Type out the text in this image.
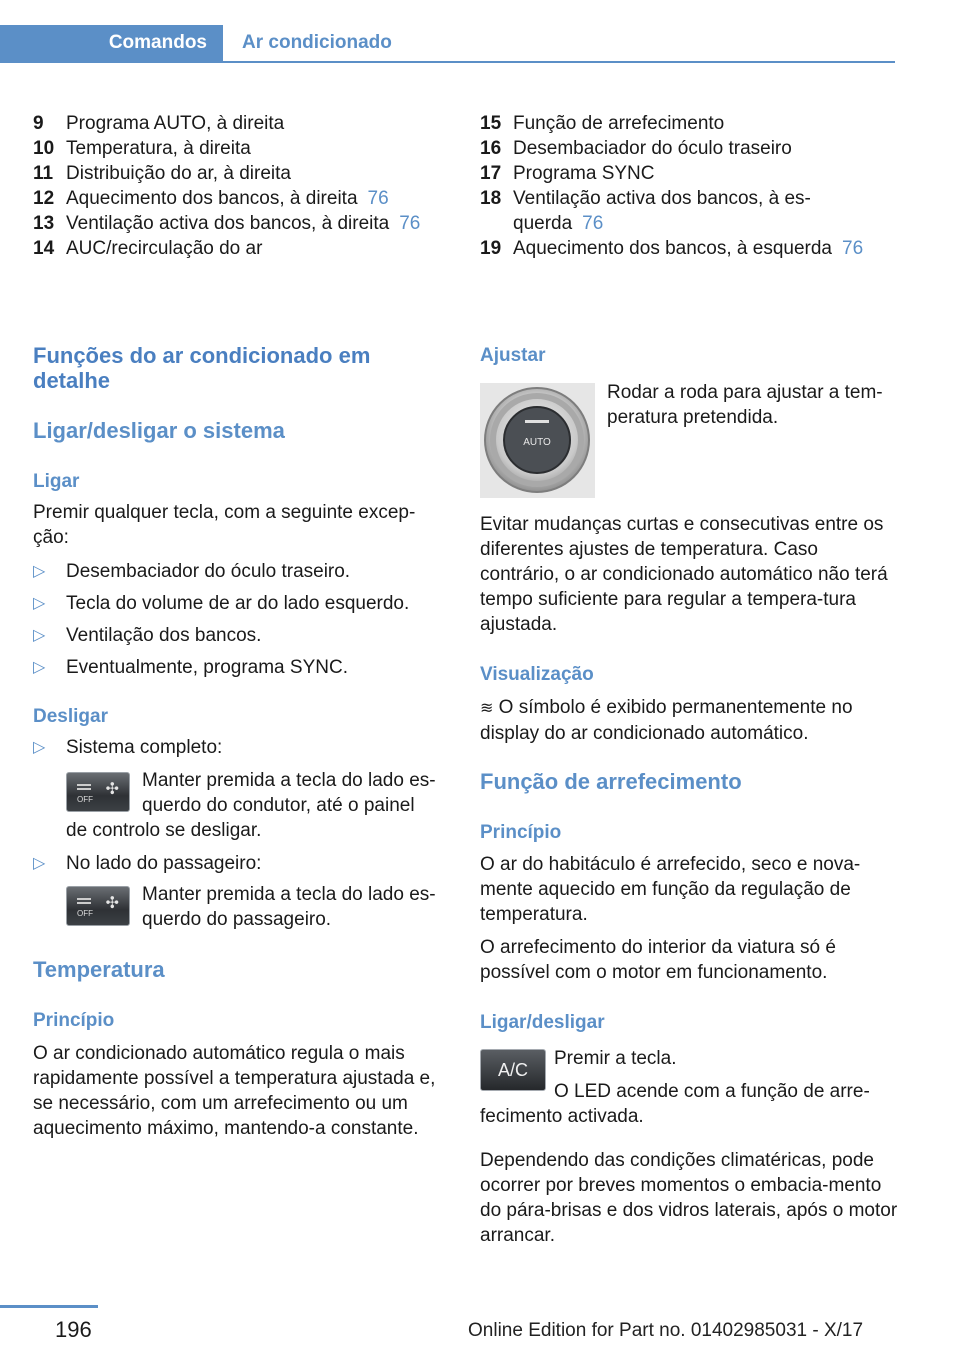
Comandos	Ar condicionado
9	Programa AUTO, à direita
10 Temperatura, à direita
11 Distribuição do ar, à direita
12 Aquecimento dos bancos, à direita 76
13 Ventilação activa dos bancos, à direita 76
14 AUC/recirculação do ar
15 Função de arrefecimento
16 Desembaciador do óculo traseiro
17 Programa SYNC
18 Ventilação activa dos bancos, à es-
querda 76
19 Aquecimento dos bancos, à esquerda 76
Funções do ar condicionado em detalhe
Ligar/desligar o sistema
Ligar

Premir qualquer tecla, com a seguinte excep-ção:

▷ Desembaciador do óculo traseiro.
▷ Tecla do volume de ar do lado esquerdo.
▷ Ventilação dos bancos.
▷ Eventualmente, programa SYNC.
Desligar
▷ Sistema completo:
OFF
✣ Manter premida a tecla do lado es-

querdo do condutor, até o painel

de controlo se desligar.

▷ No lado do passageiro:
OFF
✣ Manter premida a tecla do lado es-

querdo do passageiro.

Temperatura
Princípio

O ar condicionado automático regula o mais rapidamente possível a temperatura ajustada e, se necessário, com um arrefecimento ou um aquecimento máximo, mantendo-a constante.

Ajustar
AUTO

Rodar a roda para ajustar a tem-peratura pretendida.

Evitar mudanças curtas e consecutivas entre os diferentes ajustes de temperatura. Caso contrário, o ar condicionado automático não terá tempo suficiente para regular a tempera-tura ajustada.

Visualização

≋ O símbolo é exibido permanentemente no display do ar condicionado automático.

Função de arrefecimento
Princípio

O ar do habitáculo é arrefecido, seco e nova-mente aquecido em função da regulação de temperatura.

O arrefecimento do interior da viatura só é possível com o motor em funcionamento.

Ligar/desligar
A/C

Premir a tecla.

O LED acende com a função de arre-

fecimento activada.

Dependendo das condições climatéricas, pode ocorrer por breves momentos o embacia-mento do pára-brisas e dos vidros laterais, após o motor arrancar.

196	Online Edition for Part no. 01402985031 - X/17
